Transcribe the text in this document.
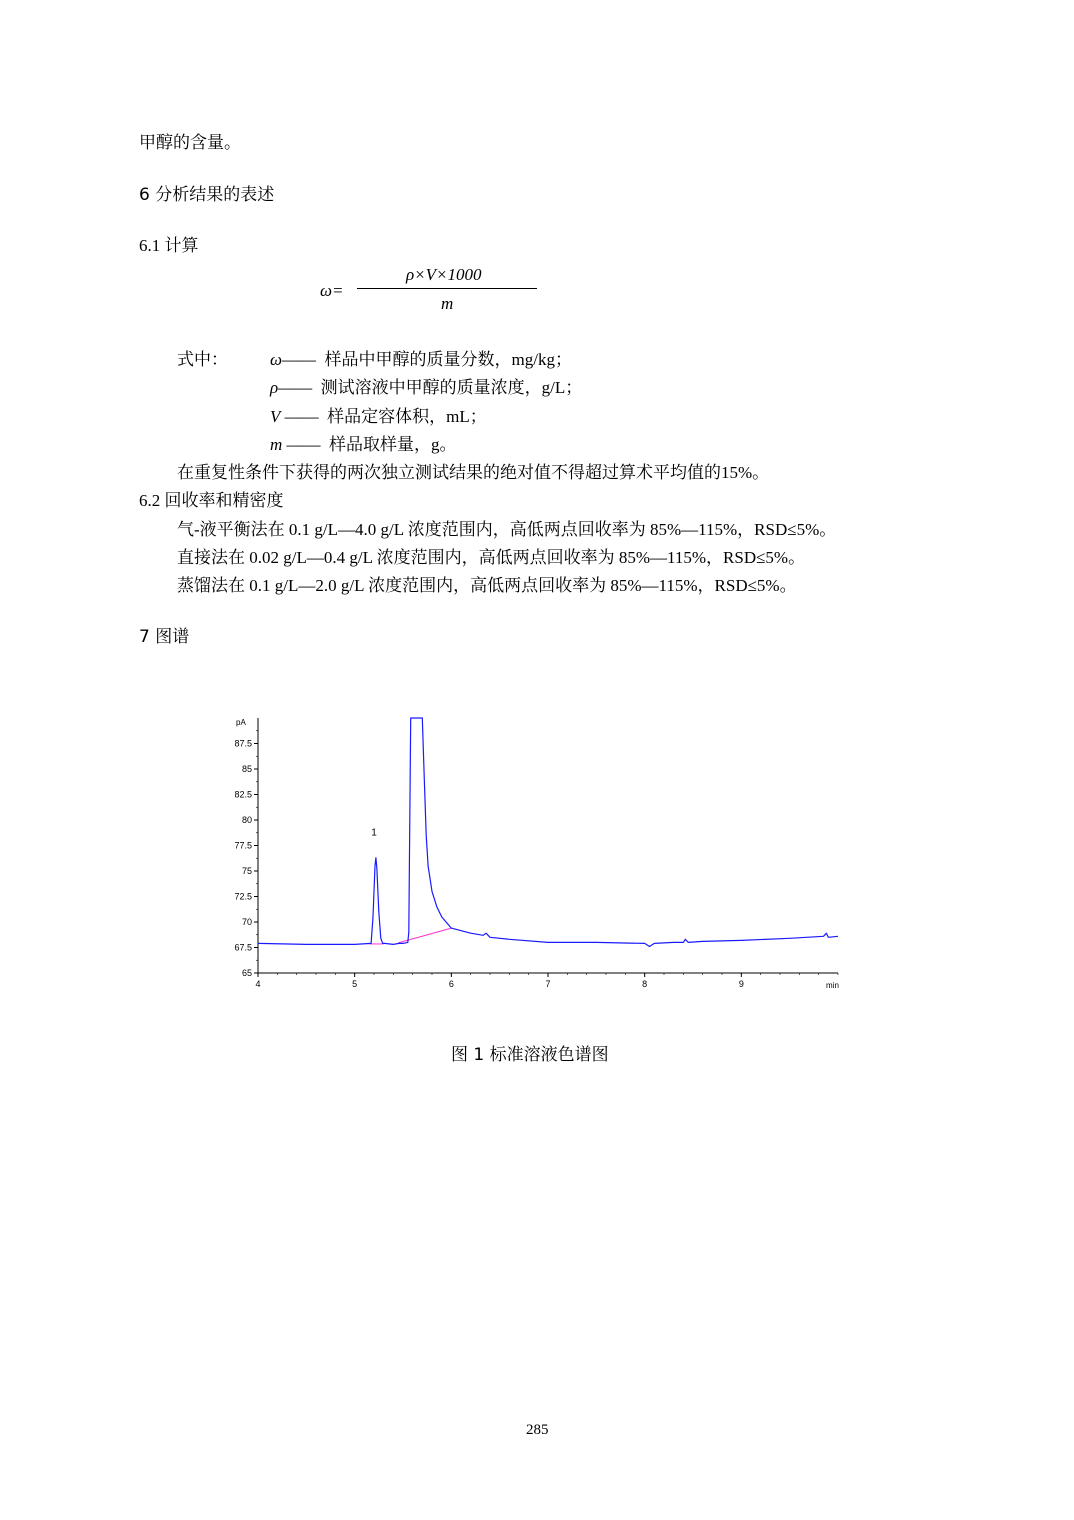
甲醇的含量。
6 分析结果的表述
6.1 计算
ω=
ρ×V×1000
m
式中： ω—— 样品中甲醇的质量分数，mg/kg；
ρ—— 测试溶液中甲醇的质量浓度，g/L；
V —— 样品定容体积，mL；
m —— 样品取样量，g。
在重复性条件下获得的两次独立测试结果的绝对值不得超过算术平均值的15%。
6.2 回收率和精密度
气-液平衡法在 0.1 g/L—4.0 g/L 浓度范围内，高低两点回收率为 85%—115%，RSD≤5%。
直接法在 0.02 g/L—0.4 g/L 浓度范围内，高低两点回收率为 85%—115%，RSD≤5%。
蒸馏法在 0.1 g/L—2.0 g/L 浓度范围内，高低两点回收率为 85%—115%，RSD≤5%。
7 图谱
65
67.5
70
72.5
75
77.5
80
82.5
85
87.5
pA
4	5	6	7	8	9	min
1
图 1 标准溶液色谱图
285
